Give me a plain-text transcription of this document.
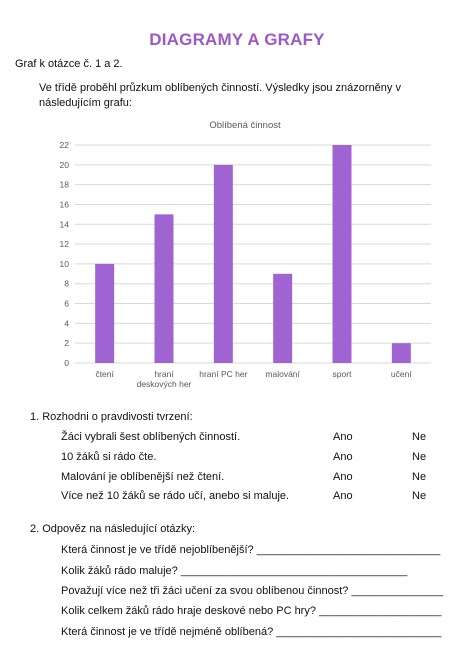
DIAGRAMY A GRAFY
Graf k otázce č. 1 a 2.
Ve třídě proběhl průzkum oblíbených činností. Výsledky jsou znázorněny v následujícím grafu:
Oblíbená činnost
0
2
4
6
8
10
12
14
16
18
20
22
čtení	hraní deskových her
hraní PC her malování	sport	učení
1. Rozhodni o pravdivosti tvrzení:
Žáci vybrali šest oblíbených činností.	Ano	Ne
10 žáků si rádo čte.	Ano	Ne
Malování je oblíbenější než čtení.	Ano	Ne
Více než 10 žáků se rádo učí, anebo si maluje.	Ano	Ne
2. Odpověz na následující otázky:
Která činnost je ve třídě nejoblíbenější? ______________________________
Kolik žáků rádo maluje? _____________________________________
Považují více než tři žáci učení za svou oblíbenou činnost? _______________
Kolik celkem žáků rádo hraje deskové nebo PC hry? ____________________
Která činnost je ve třídě nejméně oblíbená? ___________________________
